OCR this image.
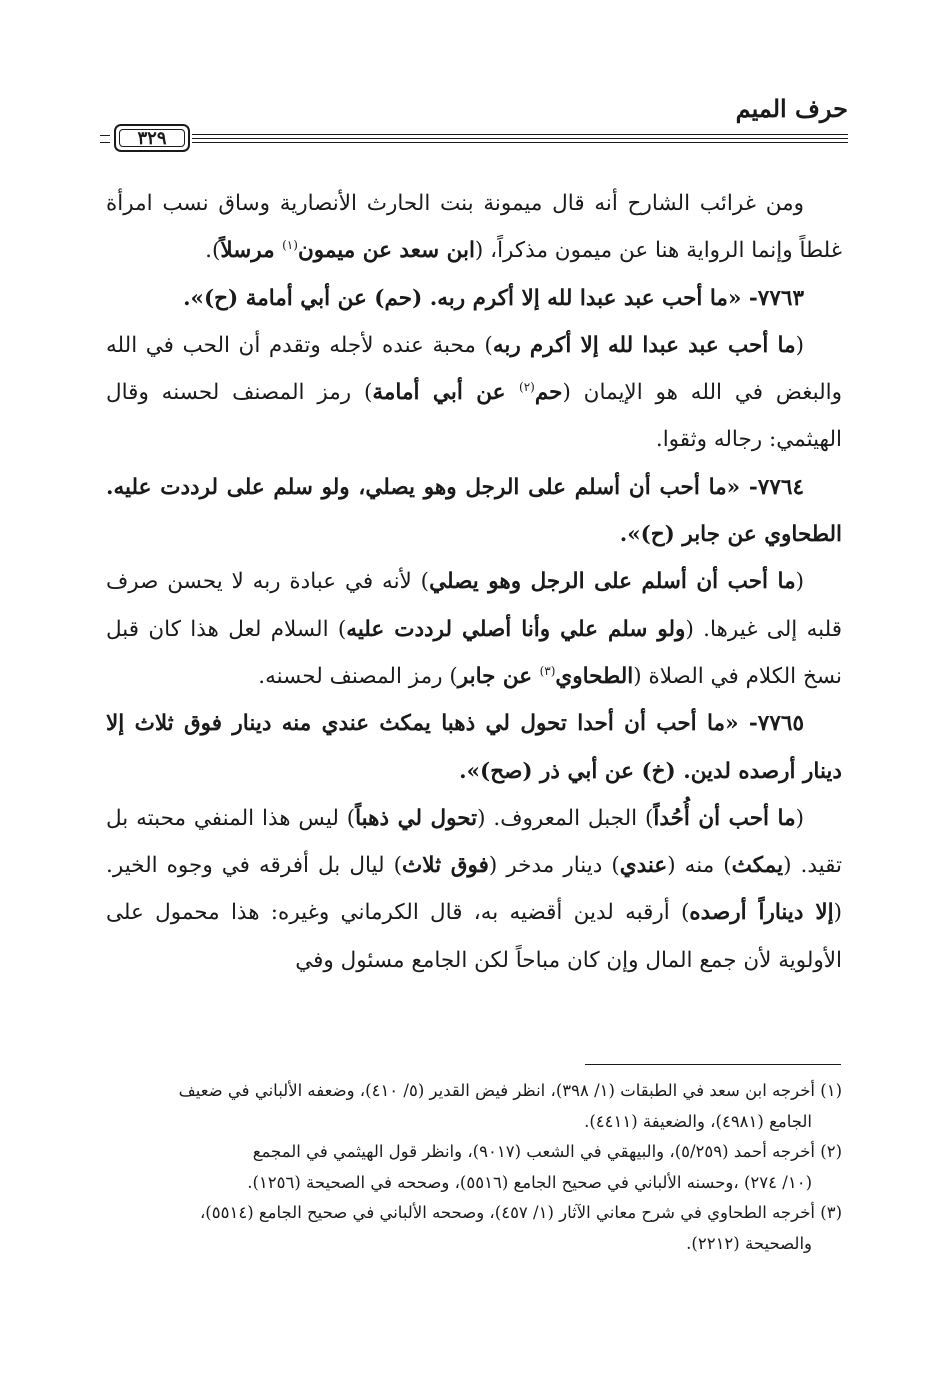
حرف الميم
٣٢٩

ومن غرائب الشارح أنه قال ميمونة بنت الحارث الأنصارية وساق نسب امرأة غلطاً وإنما الرواية هنا عن ميمون مذكراً، (ابن سعد عن ميمون$^{(١)}$ مرسلاً).

٧٧٦٣- «ما أحب عبد عبدا لله إلا أكرم ربه. (حم) عن أبي أمامة (ح)».

(ما أحب عبد عبدا لله إلا أكرم ربه) محبة عنده لأجله وتقدم أن الحب في الله والبغض في الله هو الإيمان (حم$^{(٢)}$ عن أبي أمامة) رمز المصنف لحسنه وقال الهيثمي: رجاله وثقوا.

٧٧٦٤- «ما أحب أن أسلم على الرجل وهو يصلي، ولو سلم على لرددت عليه. الطحاوي عن جابر (ح)».

(ما أحب أن أسلم على الرجل وهو يصلي) لأنه في عبادة ربه لا يحسن صرف قلبه إلى غيرها. (ولو سلم علي وأنا أصلي لرددت عليه) السلام لعل هذا كان قبل نسخ الكلام في الصلاة (الطحاوي$^{(٣)}$ عن جابر) رمز المصنف لحسنه.

٧٧٦٥- «ما أحب أن أحدا تحول لي ذهبا يمكث عندي منه دينار فوق ثلاث إلا دينار أرصده لدين. (خ) عن أبي ذر (صح)».

(ما أحب أن أُحُداً) الجبل المعروف. (تحول لي ذهباً) ليس هذا المنفي محبته بل تقيد. (يمكث) منه (عندي) دينار مدخر (فوق ثلاث) ليال بل أفرقه في وجوه الخير. (إلا ديناراً أرصده) أرقبه لدين أقضيه به، قال الكرماني وغيره: هذا محمول على الأولوية لأن جمع المال وإن كان مباحاً لكن الجامع مسئول وفي

(١) أخرجه ابن سعد في الطبقات (١/ ٣٩٨)، انظر فيض القدير (٥/ ٤١٠)، وضعفه الألباني في ضعيف
الجامع (٤٩٨١)، والضعيفة (٤٤١١).
(٢) أخرجه أحمد (٥/٢٥٩)، والبيهقي في الشعب (٩٠١٧)، وانظر قول الهيثمي في المجمع
(١٠/ ٢٧٤) ،وحسنه الألباني في صحيح الجامع (٥٥١٦)، وصححه في الصحيحة (١٢٥٦).
(٣) أخرجه الطحاوي في شرح معاني الآثار (١/ ٤٥٧)، وصححه الألباني في صحيح الجامع (٥٥١٤)،
والصحيحة (٢٢١٢).
